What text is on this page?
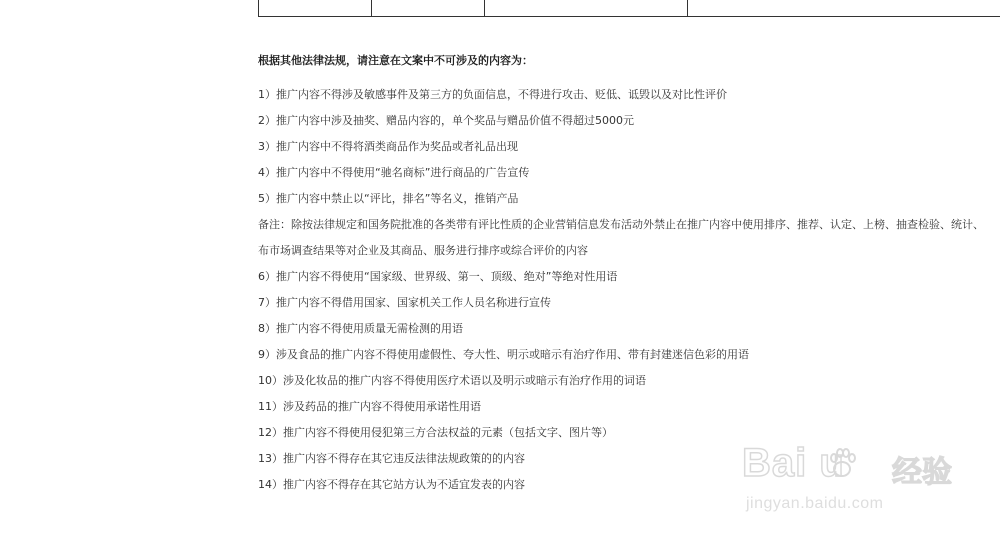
根据其他法律法规，请注意在文案中不可涉及的内容为：
1）推广内容不得涉及敏感事件及第三方的负面信息，不得进行攻击、贬低、诋毁以及对比性评价
2）推广内容中涉及抽奖、赠品内容的，单个奖品与赠品价值不得超过5000元
3）推广内容中不得将酒类商品作为奖品或者礼品出现
4）推广内容中不得使用“驰名商标”进行商品的广告宣传
5）推广内容中禁止以“评比，排名”等名义，推销产品
备注：除按法律规定和国务院批准的各类带有评比性质的企业营销信息发布活动外禁止在推广内容中使用排序、推荐、认定、上榜、抽查检验、统计、
布市场调查结果等对企业及其商品、服务进行排序或综合评价的内容
6）推广内容不得使用“国家级、世界级、第一、顶级、绝对”等绝对性用语
7）推广内容不得借用国家、国家机关工作人员名称进行宣传
8）推广内容不得使用质量无需检测的用语
9）涉及食品的推广内容不得使用虚假性、夸大性、明示或暗示有治疗作用、带有封建迷信色彩的用语
10）涉及化妆品的推广内容不得使用医疗术语以及明示或暗示有治疗作用的词语
11）涉及药品的推广内容不得使用承诺性用语
12）推广内容不得使用侵犯第三方合法权益的元素（包括文字、图片等）
13）推广内容不得存在其它违反法律法规政策的的内容
14）推广内容不得存在其它站方认为不适宜发表的内容	Bai u 经验
jingyan.baidu.com
